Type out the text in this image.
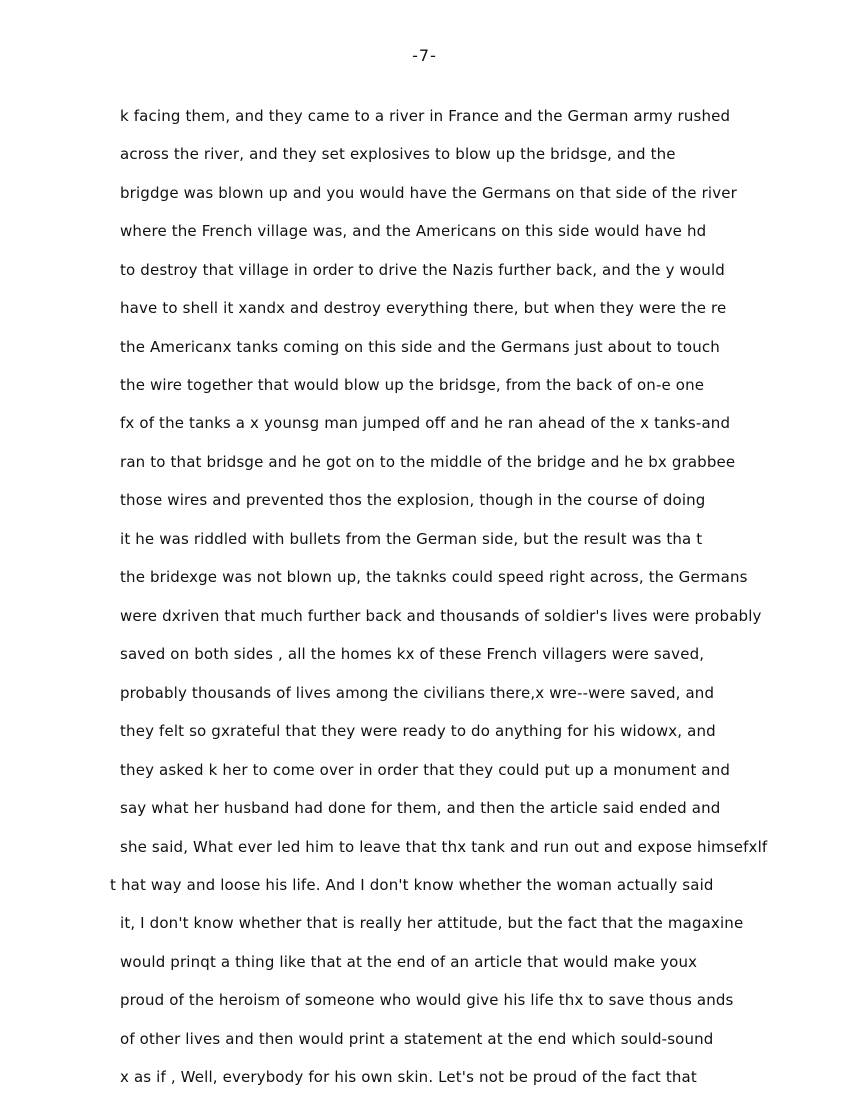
-7-
k facing them, and they came to a river in France and the German army rushed
across the river, and they set explosives to blow up the bridsge, and the
brigdge was blown up and you would have the Germans on that side of the river
where the French village was, and the Americans on this side would have hd
to destroy that village in order to drive the Nazis further back, and the y would
have to shell it xandx and destroy everything there, but when they were the re
the Americanx tanks coming on this side and the Germans just about to touch
the wire together that would blow up the bridsge, from the back of on-e one
fx of the tanks a x younsg man jumped off and he ran ahead of the x tanks-and
ran to that bridsge and he got on to the middle of the bridge and he bx grabbee
those wires and prevented thos the explosion, though in the course of doing
it he was riddled with bullets from the German side, but the result was tha t
the bridexge was not blown up, the taknks could speed right across, the Germans
were dxriven that much further back and thousands of soldier's lives were probably
saved on both sides , all the homes kx of these French villagers were saved,
probably thousands of lives among the civilians there,x wre--were saved, and
they felt so gxrateful that they were ready to do anything for his widowx, and
they asked k her to come over in order that they could put up a monument and
say what her husband had done for them, and then the article said ended and
she said, What ever led him to leave that thx tank and run out and expose himsefxlf
t hat way and loose his life. And I don't know whether the woman actually said
it, I don't know whether that is really her attitude, but the fact that the magaxine
would prinqt a thing like that at the end of an article that would make youx
proud of the heroism of someone who would give his life thx to save thous ands
of other lives and then would print a statement at the end which sould-sound
x as if , Well, everybody for his own skin. Let's not be proud of the fact that
